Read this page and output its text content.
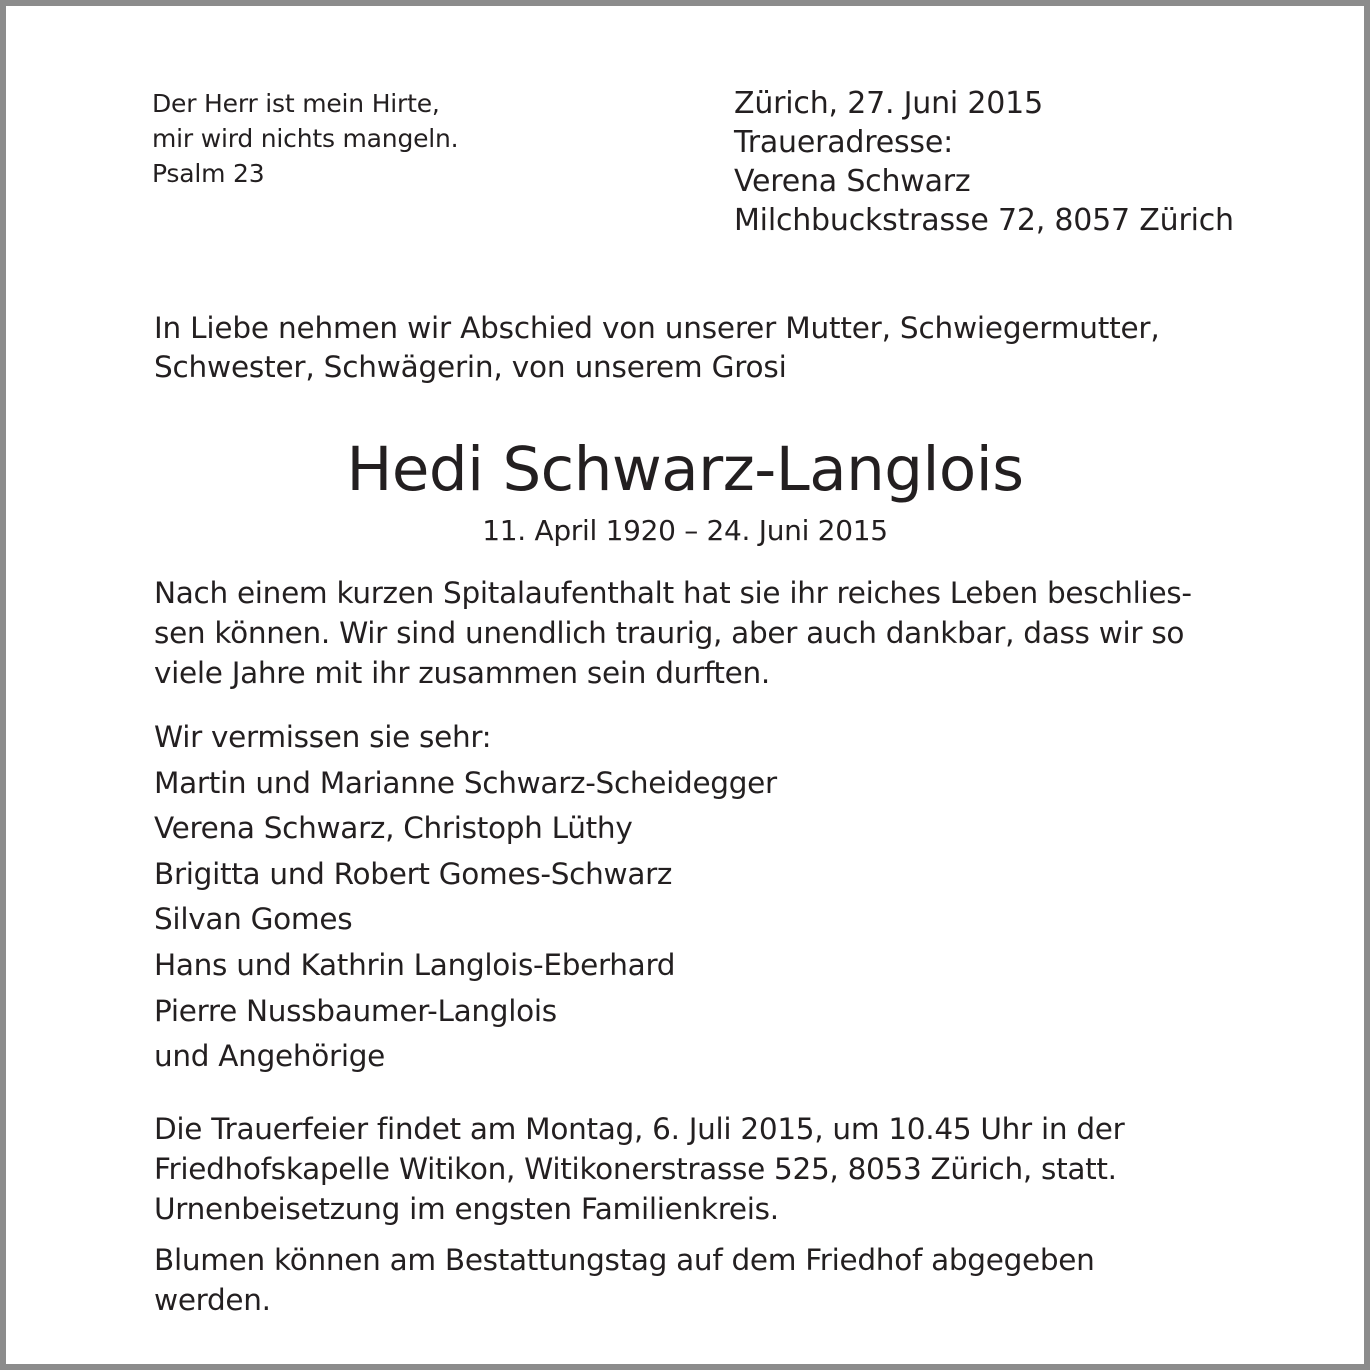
Der Herr ist mein Hirte,
mir wird nichts mangeln.
Psalm 23
Zürich, 27. Juni 2015
Traueradresse:
Verena Schwarz
Milchbuckstrasse 72, 8057 Zürich
In Liebe nehmen wir Abschied von unserer Mutter, Schwiegermutter,
Schwester, Schwägerin, von unserem Grosi
Hedi Schwarz-Langlois
11. April 1920 – 24. Juni 2015
Nach einem kurzen Spitalaufenthalt hat sie ihr reiches Leben beschlies-
sen können. Wir sind unendlich traurig, aber auch dankbar, dass wir so
viele Jahre mit ihr zusammen sein durften.
Wir vermissen sie sehr:
Martin und Marianne Schwarz-Scheidegger
Verena Schwarz, Christoph Lüthy
Brigitta und Robert Gomes-Schwarz
Silvan Gomes
Hans und Kathrin Langlois-Eberhard
Pierre Nussbaumer-Langlois
und Angehörige
Die Trauerfeier findet am Montag, 6. Juli 2015, um 10.45 Uhr in der
Friedhofskapelle Witikon, Witikonerstrasse 525, 8053 Zürich, statt.
Urnenbeisetzung im engsten Familienkreis.
Blumen können am Bestattungstag auf dem Friedhof abgegeben
werden.
